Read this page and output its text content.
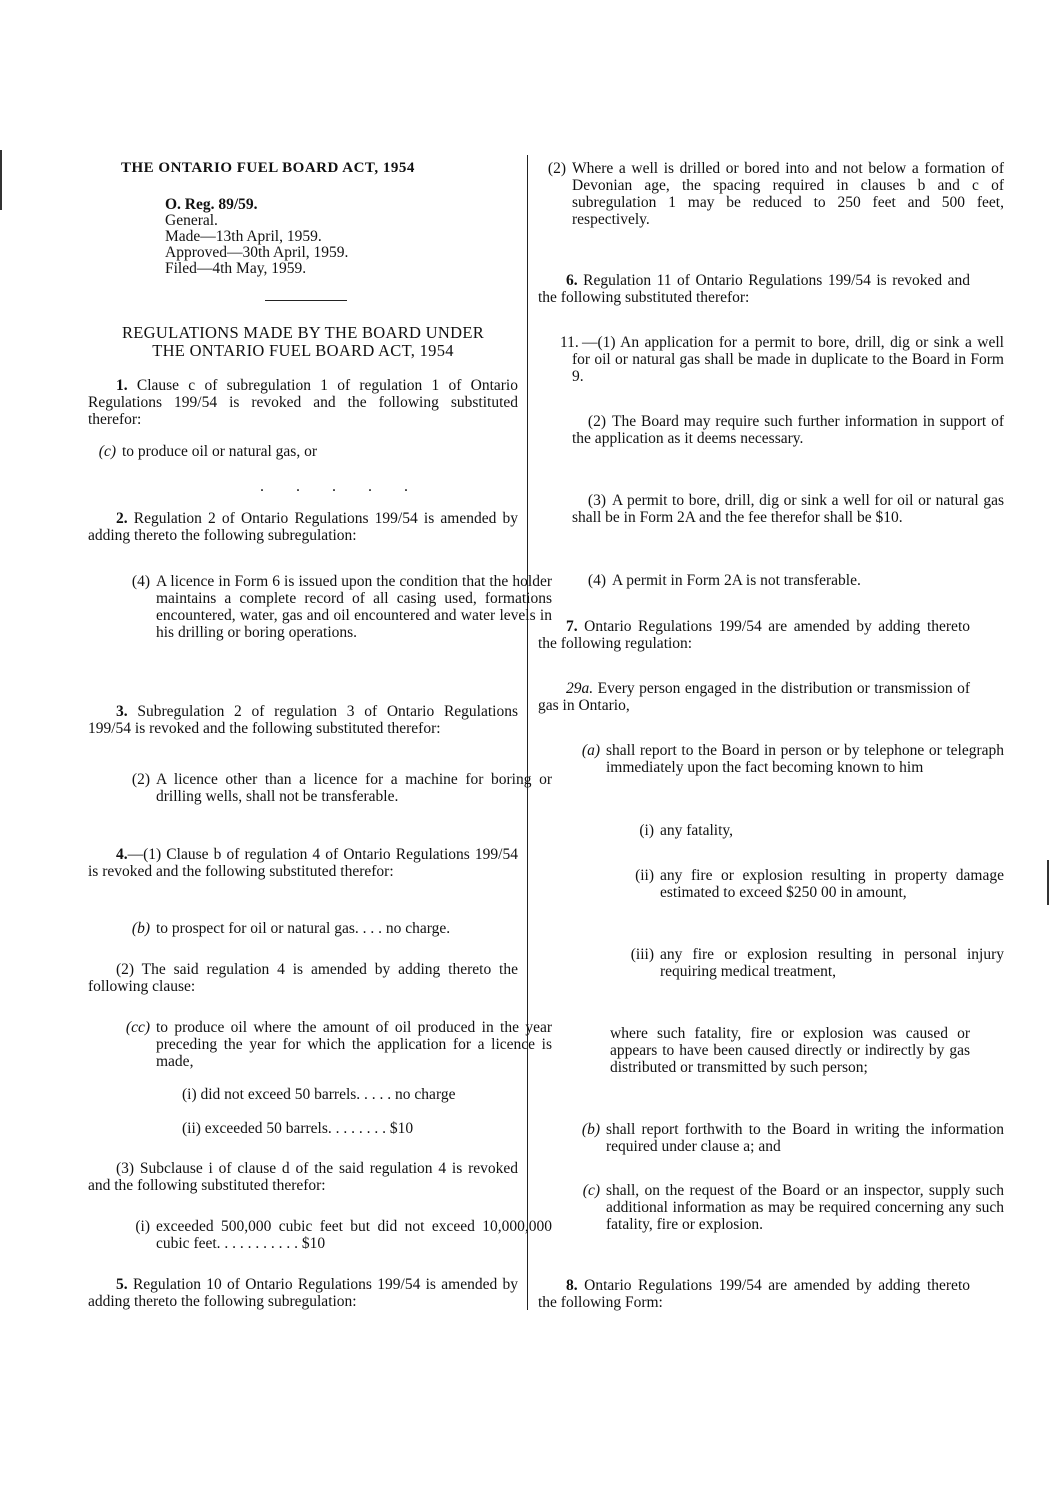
THE ONTARIO FUEL BOARD ACT, 1954
O. Reg. 89/59.
General.
Made—13th April, 1959.
Approved—30th April, 1959.
Filed—4th May, 1959.
REGULATIONS MADE BY THE BOARD UNDER
THE ONTARIO FUEL BOARD ACT, 1954

1. Clause c of subregulation 1 of regulation 1 of Ontario Regulations 199/54 is revoked and the following substituted therefor:

(c) to produce oil or natural gas, or

. . . . .

2. Regulation 2 of Ontario Regulations 199/54 is amended by adding thereto the following subregulation:

(4) A licence in Form 6 is issued upon the condition that the holder maintains a complete record of all casing used, formations encountered, water, gas and oil encountered and water levels in his drilling or boring operations.

3. Subregulation 2 of regulation 3 of Ontario Regulations 199/54 is revoked and the following substituted therefor:

(2) A licence other than a licence for a machine for boring or drilling wells, shall not be transferable.

4.—(1) Clause b of regulation 4 of Ontario Regulations 199/54 is revoked and the following substituted therefor:

(b) to prospect for oil or natural gas. . . . no charge.

(2) The said regulation 4 is amended by adding thereto the following clause:

(cc) to produce oil where the amount of oil produced in the year preceding the year for which the application for a licence is made,

(i) did not exceed 50 barrels. . . . . no charge
(ii) exceeded 50 barrels. . . . . . . . $10

(3) Subclause i of clause d of the said regulation 4 is revoked and the following substituted therefor:

(i) exceeded 500,000 cubic feet but did not exceed 10,000,000 cubic feet. . . . . . . . . . . $10

5. Regulation 10 of Ontario Regulations 199/54 is amended by adding thereto the following subregulation:

(2) Where a well is drilled or bored into and not below a formation of Devonian age, the spacing required in clauses b and c of subregulation 1 may be reduced to 250 feet and 500 feet, respectively.

6. Regulation 11 of Ontario Regulations 199/54 is revoked and the following substituted therefor:

11. —(1) An application for a permit to bore, drill, dig or sink a well for oil or natural gas shall be made in duplicate to the Board in Form 9.

(2) The Board may require such further information in support of the application as it deems necessary.

(3) A permit to bore, drill, dig or sink a well for oil or natural gas shall be in Form 2A and the fee therefor shall be $10.

(4) A permit in Form 2A is not transferable.

7. Ontario Regulations 199/54 are amended by adding thereto the following regulation:

29a. Every person engaged in the distribution or transmission of gas in Ontario,

(a) shall report to the Board in person or by telephone or telegraph immediately upon the fact becoming known to him

(i) any fatality,

(ii) any fire or explosion resulting in property damage estimated to exceed $250 00 in amount,

(iii) any fire or explosion resulting in personal injury requiring medical treatment,

where such fatality, fire or explosion was caused or appears to have been caused directly or indirectly by gas distributed or transmitted by such person;

(b) shall report forthwith to the Board in writing the information required under clause a; and

(c) shall, on the request of the Board or an inspector, supply such additional information as may be required concerning any such fatality, fire or explosion.

8. Ontario Regulations 199/54 are amended by adding thereto the following Form:
